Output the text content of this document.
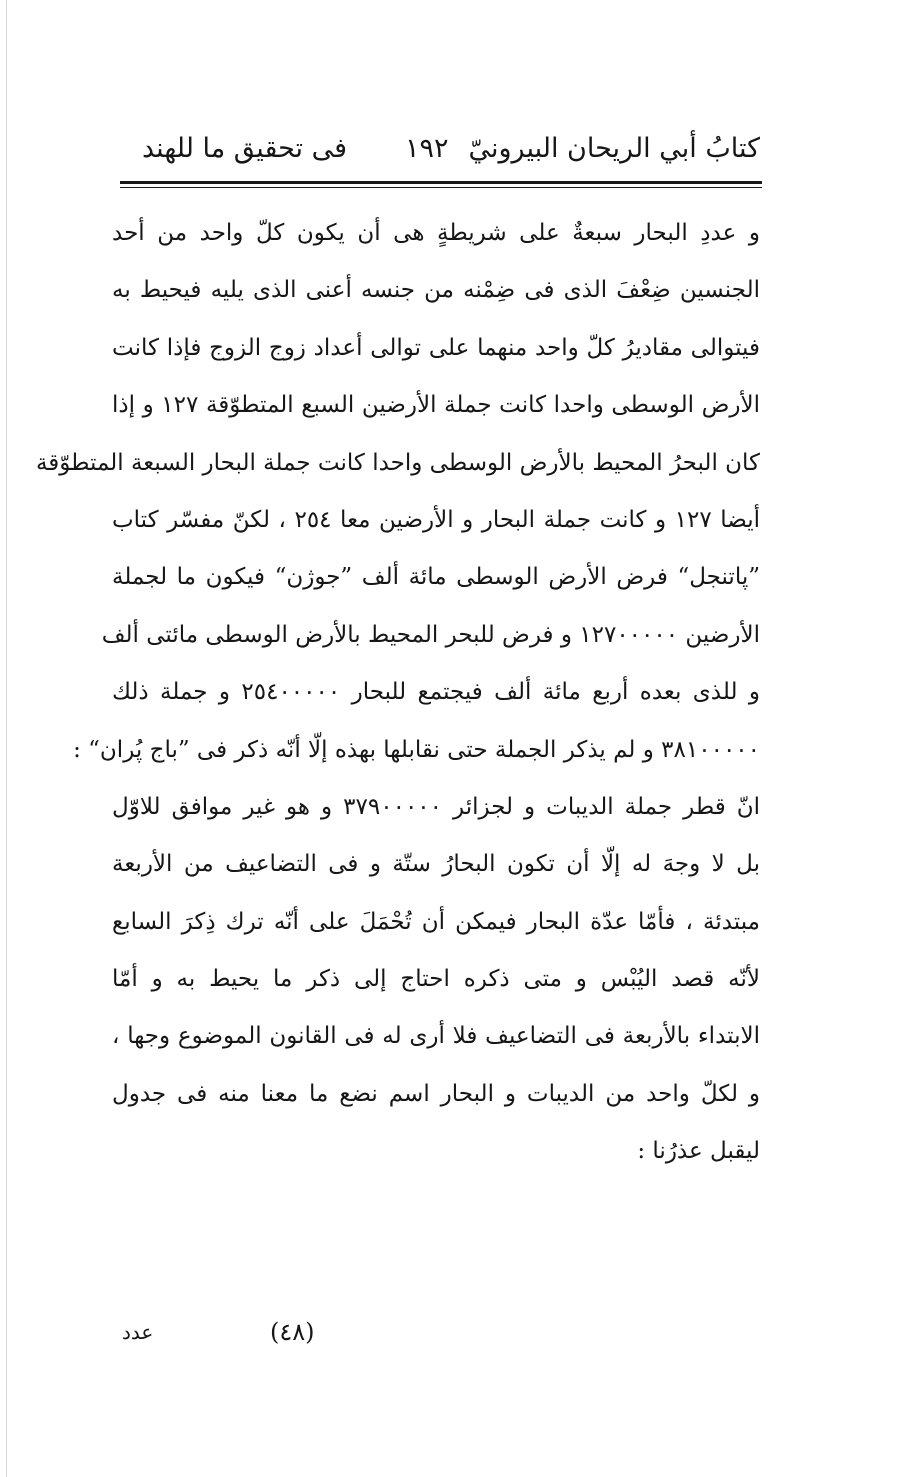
كتابُ أبي الريحان البيرونيّ
١٩٢
فى تحقيق ما للهند
و عددِ البحار سبعةٌ على شريطةٍ هى أن يكون كلّ واحد من أحد
الجنسين ضِعْفَ الذى فى ضِمْنه من جنسه أعنى الذى يليه فيحيط به
فيتوالى مقاديرُ كلّ واحد منهما على توالى أعداد زوج الزوج فإذا كانت
الأرض الوسطى واحدا كانت جملة الأرضين السبع المتطوّقة ١٢٧ و إذا
كان البحرُ المحيط بالأرض الوسطى واحدا كانت جملة البحار السبعة المتطوّقة
أيضا ١٢٧ و كانت جملة البحار و الأرضين معا ٢٥٤ ، لكنّ مفسّر كتاب
”پاتنجل“ فرض الأرض الوسطى مائة ألف ”جوژن“ فيكون ما لجملة
الأرضين ١٢٧٠٠٠٠٠ و فرض للبحر المحيط بالأرض الوسطى مائتى ألف
و للذى بعده أربع مائة ألف فيجتمع للبحار ٢٥٤٠٠٠٠٠ و جملة ذلك
٣٨١٠٠٠٠٠ و لم يذكر الجملة حتى نقابلها بهذه إلّا أنّه ذكر فى ”باج پُران“ :
انّ قطر جملة الديبات و لجزائر ٣٧٩٠٠٠٠٠ و هو غير موافق للاوّل
بل لا وجهَ له إلّا أن تكون البحارُ ستّة و فى التضاعيف من الأربعة
مبتدئة ، فأمّا عدّة البحار فيمكن أن تُحْمَلَ على أنّه ترك ذِكرَ السابع
لأنّه قصد اليُبْس و متى ذكره احتاج إلى ذكر ما يحيط به و أمّا
الابتداء بالأربعة فى التضاعيف فلا أرى له فى القانون الموضوع وجها ،
و لكلّ واحد من الديبات و البحار اسم نضع ما معنا منه فى جدول
ليقبل عذرُنا :
(٤٨)
عدد
